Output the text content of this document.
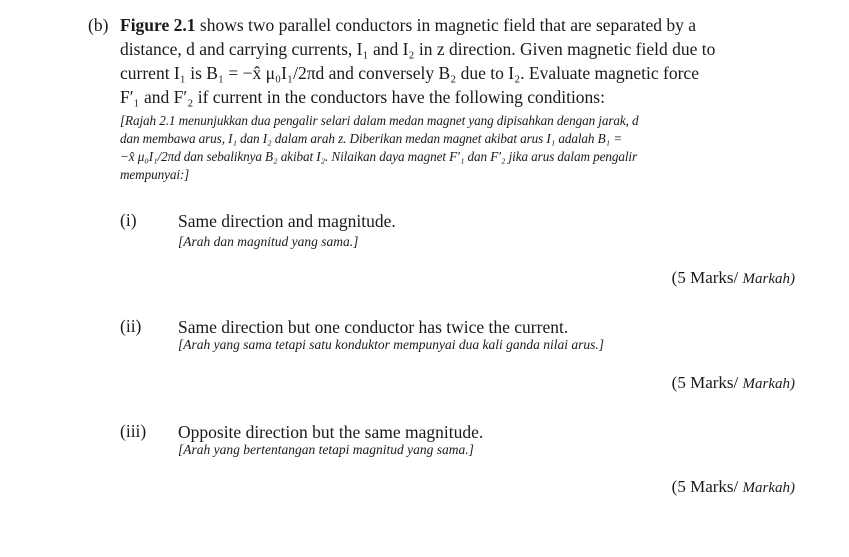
(b) Figure 2.1 shows two parallel conductors in magnetic field that are separated by a
distance, d and carrying currents, I₁ and I₂ in z direction. Given magnetic field due to
current I₁ is B₁ = −x̂ μ₀I₁/2πd and conversely B₂ due to I₂. Evaluate magnetic force
F′₁ and F′₂ if current in the conductors have the following conditions:
[Rajah 2.1 menunjukkan dua pengalir selari dalam medan magnet yang dipisahkan dengan jarak, d
dan membawa arus, I₁ dan I₂ dalam arah z. Diberikan medan magnet akibat arus I₁ adalah B₁ =
−x̂ μ₀I₁/2πd dan sebaliknya B₂ akibat I₂. Nilaikan daya magnet F′₁ dan F′₂ jika arus dalam pengalir
mempunyai:]
(i) Same direction and magnitude.
[Arah dan magnitud yang sama.]
(5 Marks/ Markah)
(ii) Same direction but one conductor has twice the current.
[Arah yang sama tetapi satu konduktor mempunyai dua kali ganda nilai arus.]
(5 Marks/ Markah)
(iii) Opposite direction but the same magnitude.
[Arah yang bertentangan tetapi magnitud yang sama.]
(5 Marks/ Markah)
